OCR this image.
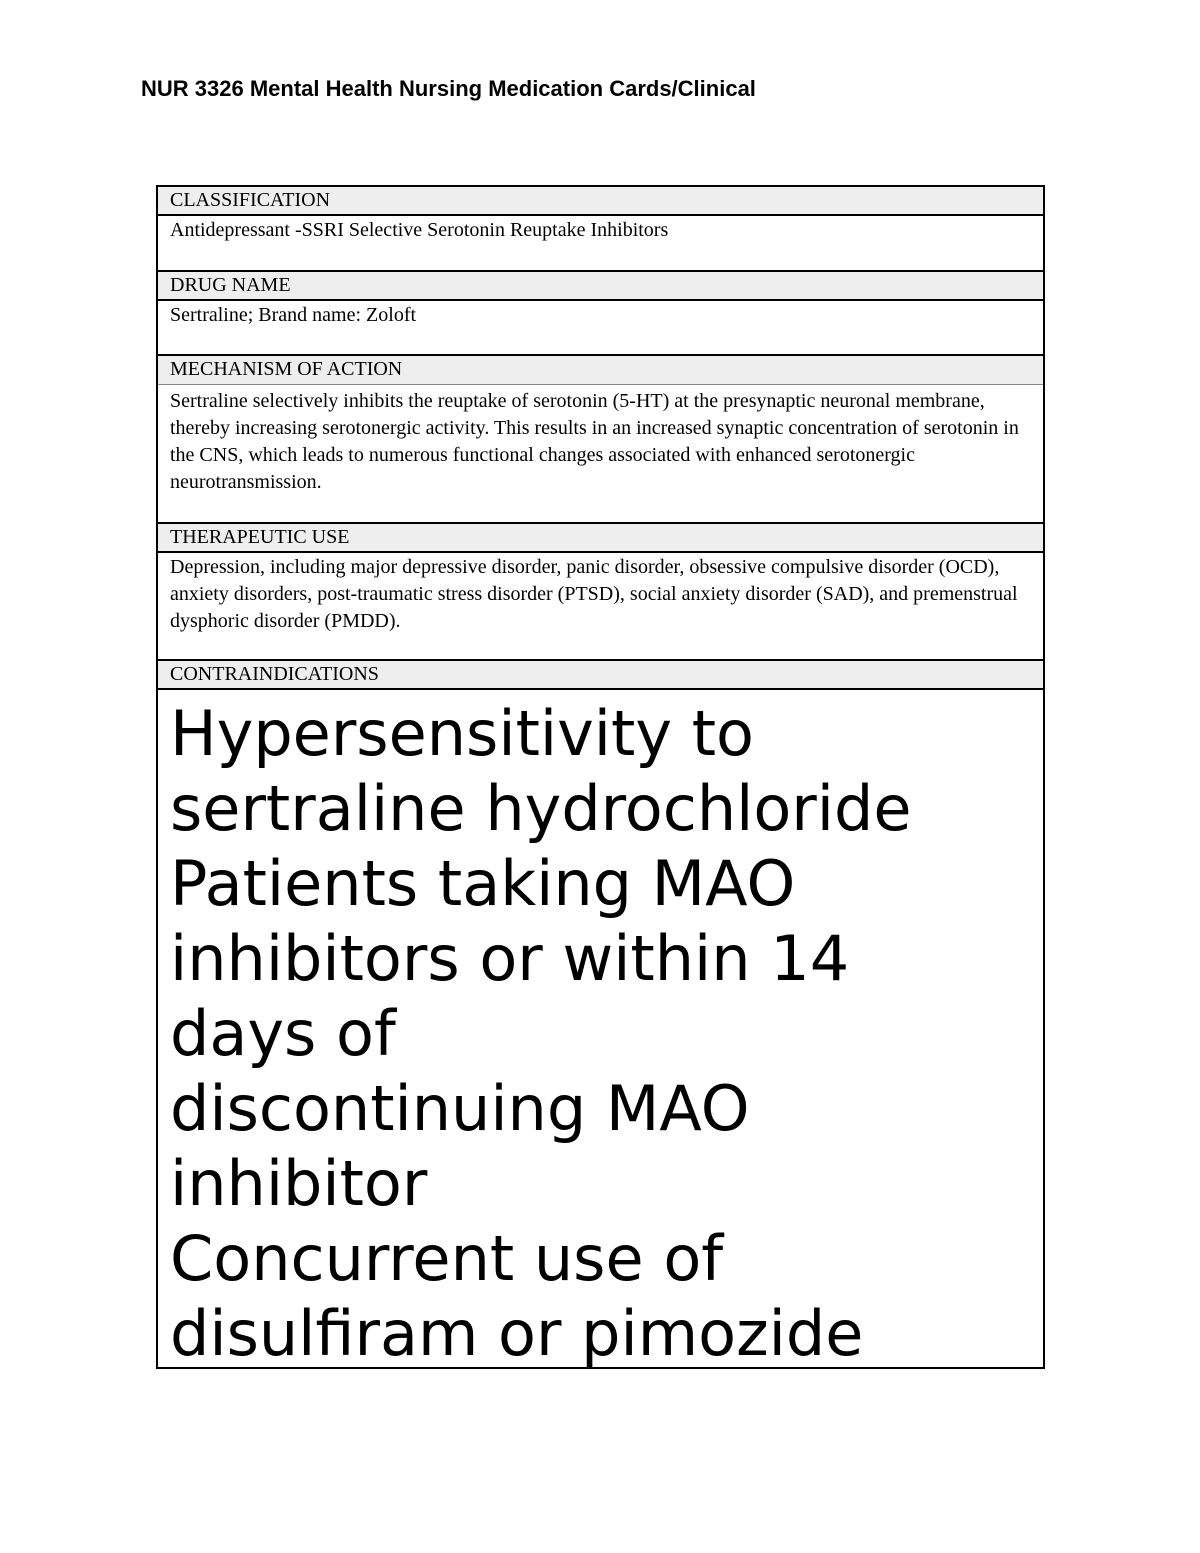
NUR 3326 Mental Health Nursing Medication Cards/Clinical
CLASSIFICATION
Antidepressant -SSRI Selective Serotonin Reuptake Inhibitors
DRUG NAME
Sertraline; Brand name: Zoloft
MECHANISM OF ACTION
Sertraline selectively inhibits the reuptake of serotonin (5-HT) at the presynaptic neuronal membrane, thereby increasing serotonergic activity. This results in an increased synaptic concentration of serotonin in the CNS, which leads to numerous functional changes associated with enhanced serotonergic neurotransmission.
THERAPEUTIC USE
Depression, including major depressive disorder, panic disorder, obsessive compulsive disorder (OCD), anxiety disorders, post-traumatic stress disorder (PTSD), social anxiety disorder (SAD), and premenstrual dysphoric disorder (PMDD).
CONTRAINDICATIONS
Hypersensitivity to
sertraline hydrochloride
Patients taking MAO
inhibitors or within 14
days of
discontinuing MAO
inhibitor
Concurrent use of
disulfiram or pimozide
